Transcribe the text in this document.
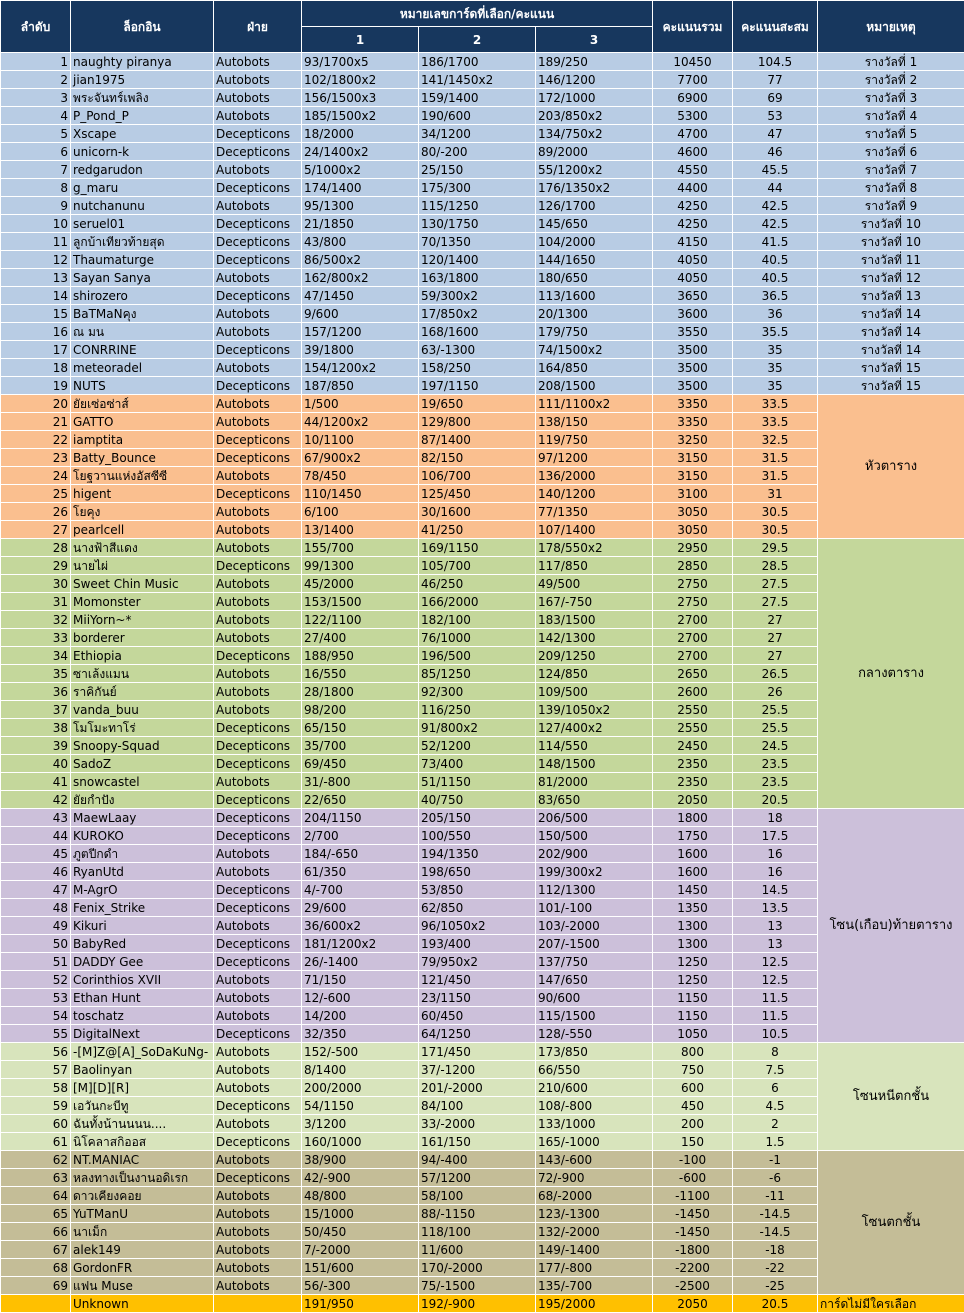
ลำดับ	ล็อกอิน	ฝ่าย	หมายเลขการ์ดที่เลือก/คะแนน			คะแนนรวม	คะแนนสะสม	หมายเหตุ
			1	2	3			
1	naughty piranya	Autobots	93/1700x5	186/1700	189/250	10450	104.5	รางวัลที่ 1
2	jian1975	Autobots	102/1800x2	141/1450x2	146/1200	7700	77	รางวัลที่ 2
3	พระจันทร์เพลิง	Autobots	156/1500x3	159/1400	172/1000	6900	69	รางวัลที่ 3
4	P_Pond_P	Autobots	185/1500x2	190/600	203/850x2	5300	53	รางวัลที่ 4
5	Xscape	Decepticons	18/2000	34/1200	134/750x2	4700	47	รางวัลที่ 5
6	unicorn-k	Decepticons	24/1400x2	80/-200	89/2000	4600	46	รางวัลที่ 6
7	redgarudon	Autobots	5/1000x2	25/150	55/1200x2	4550	45.5	รางวัลที่ 7
8	g_maru	Decepticons	174/1400	175/300	176/1350x2	4400	44	รางวัลที่ 8
9	nutchanunu	Autobots	95/1300	115/1250	126/1700	4250	42.5	รางวัลที่ 9
10	seruel01	Decepticons	21/1850	130/1750	145/650	4250	42.5	รางวัลที่ 10
11	ลูกบ้าเทียวท้ายสุด	Decepticons	43/800	70/1350	104/2000	4150	41.5	รางวัลที่ 10
12	Thaumaturge	Decepticons	86/500x2	120/1400	144/1650	4050	40.5	รางวัลที่ 11
13	Sayan Sanya	Autobots	162/800x2	163/1800	180/650	4050	40.5	รางวัลที่ 12
14	shirozero	Decepticons	47/1450	59/300x2	113/1600	3650	36.5	รางวัลที่ 13
15	BaTMaNคุง	Autobots	9/600	17/850x2	20/1300	3600	36	รางวัลที่ 14
16	ณ มน	Autobots	157/1200	168/1600	179/750	3550	35.5	รางวัลที่ 14
17	CONRRINE	Decepticons	39/1800	63/-1300	74/1500x2	3500	35	รางวัลที่ 14
18	meteoradel	Autobots	154/1200x2	158/250	164/850	3500	35	รางวัลที่ 15
19	NUTS	Decepticons	187/850	197/1150	208/1500	3500	35	รางวัลที่ 15
20	ยัยเซ่อซ่าส์	Autobots	1/500	19/650	111/1100x2	3350	33.5	หัวตาราง
21	GATTO	Autobots	44/1200x2	129/800	138/150	3350	33.5	
22	iamptita	Decepticons	10/1100	87/1400	119/750	3250	32.5	
23	Batty_Bounce	Decepticons	67/900x2	82/150	97/1200	3150	31.5	
24	โยฐวานแห่งอัสซีซี	Autobots	78/450	106/700	136/2000	3150	31.5	
25	higent	Decepticons	110/1450	125/450	140/1200	3100	31	
26	โยคุง	Autobots	6/100	30/1600	77/1350	3050	30.5	
27	pearlcell	Autobots	13/1400	41/250	107/1400	3050	30.5	
28	นางฟ้าสีแดง	Autobots	155/700	169/1150	178/550x2	2950	29.5	กลางตาราง
29	นายไผ่	Decepticons	99/1300	105/700	117/850	2850	28.5	
30	Sweet Chin Music	Autobots	45/2000	46/250	49/500	2750	27.5	
31	Momonster	Autobots	153/1500	166/2000	167/-750	2750	27.5	
32	MiiYorn~*	Autobots	122/1100	182/100	183/1500	2700	27	
33	borderer	Autobots	27/400	76/1000	142/1300	2700	27	
34	Ethiopia	Decepticons	188/950	196/500	209/1250	2700	27	
35	ซาเล้งแมน	Autobots	16/550	85/1250	124/850	2650	26.5	
36	ราคิกันย์	Autobots	28/1800	92/300	109/500	2600	26	
37	vanda_buu	Autobots	98/200	116/250	139/1050x2	2550	25.5	
38	โมโมะทาโร่	Decepticons	65/150	91/800x2	127/400x2	2550	25.5	
39	Snoopy-Squad	Decepticons	35/700	52/1200	114/550	2450	24.5	
40	SadoZ	Decepticons	69/450	73/400	148/1500	2350	23.5	
41	snowcastel	Autobots	31/-800	51/1150	81/2000	2350	23.5	
42	ยัยกำปัง	Decepticons	22/650	40/750	83/650	2050	20.5	
43	MaewLaay	Decepticons	204/1150	205/150	206/500	1800	18	โซน(เกือบ)ท้ายตาราง
44	KUROKO	Decepticons	2/700	100/550	150/500	1750	17.5	
45	ภูตปีกดำ	Autobots	184/-650	194/1350	202/900	1600	16	
46	RyanUtd	Autobots	61/350	198/650	199/300x2	1600	16	
47	M-AgrO	Decepticons	4/-700	53/850	112/1300	1450	14.5	
48	Fenix_Strike	Decepticons	29/600	62/850	101/-100	1350	13.5	
49	Kikuri	Autobots	36/600x2	96/1050x2	103/-2000	1300	13	
50	BabyRed	Decepticons	181/1200x2	193/400	207/-1500	1300	13	
51	DADDY Gee	Decepticons	26/-1400	79/950x2	137/750	1250	12.5	
52	Corinthios XVII	Autobots	71/150	121/450	147/650	1250	12.5	
53	Ethan Hunt	Autobots	12/-600	23/1150	90/600	1150	11.5	
54	toschatz	Autobots	14/200	60/450	115/1500	1150	11.5	
55	DigitalNext	Decepticons	32/350	64/1250	128/-550	1050	10.5	
56	-[M]Z@[A]_SoDaKuNg-	Autobots	152/-500	171/450	173/850	800	8	โซนหนีตกชั้น
57	Baolinyan	Autobots	8/1400	37/-1200	66/550	750	7.5	
58	[M][D][R]	Autobots	200/2000	201/-2000	210/600	600	6	
59	เอวันกะบีทู	Decepticons	54/1150	84/100	108/-800	450	4.5	
60	ฉันทั้งน้านนนน....	Autobots	3/1200	33/-2000	133/1000	200	2	
61	นิโคลาสกิออส	Decepticons	160/1000	161/150	165/-1000	150	1.5	
62	NT.MANIAC	Autobots	38/900	94/-400	143/-600	-100	-1	โซนตกชั้น
63	หลงทางเป็นงานอดิเรก	Decepticons	42/-900	57/1200	72/-900	-600	-6	
64	ดาวเคียงคอย	Autobots	48/800	58/100	68/-2000	-1100	-11	
65	YuTManU	Autobots	15/1000	88/-1150	123/-1300	-1450	-14.5	
66	นาเม็ก	Autobots	50/450	118/100	132/-2000	-1450	-14.5	
67	alek149	Autobots	7/-2000	11/600	149/-1400	-1800	-18	
68	GordonFR	Autobots	151/600	170/-2000	177/-800	-2200	-22	
69	แฟน Muse	Autobots	56/-300	75/-1500	135/-700	-2500	-25	
	Unknown		191/950	192/-900	195/2000	2050	20.5	การ์ดไม่มีใครเลือก
